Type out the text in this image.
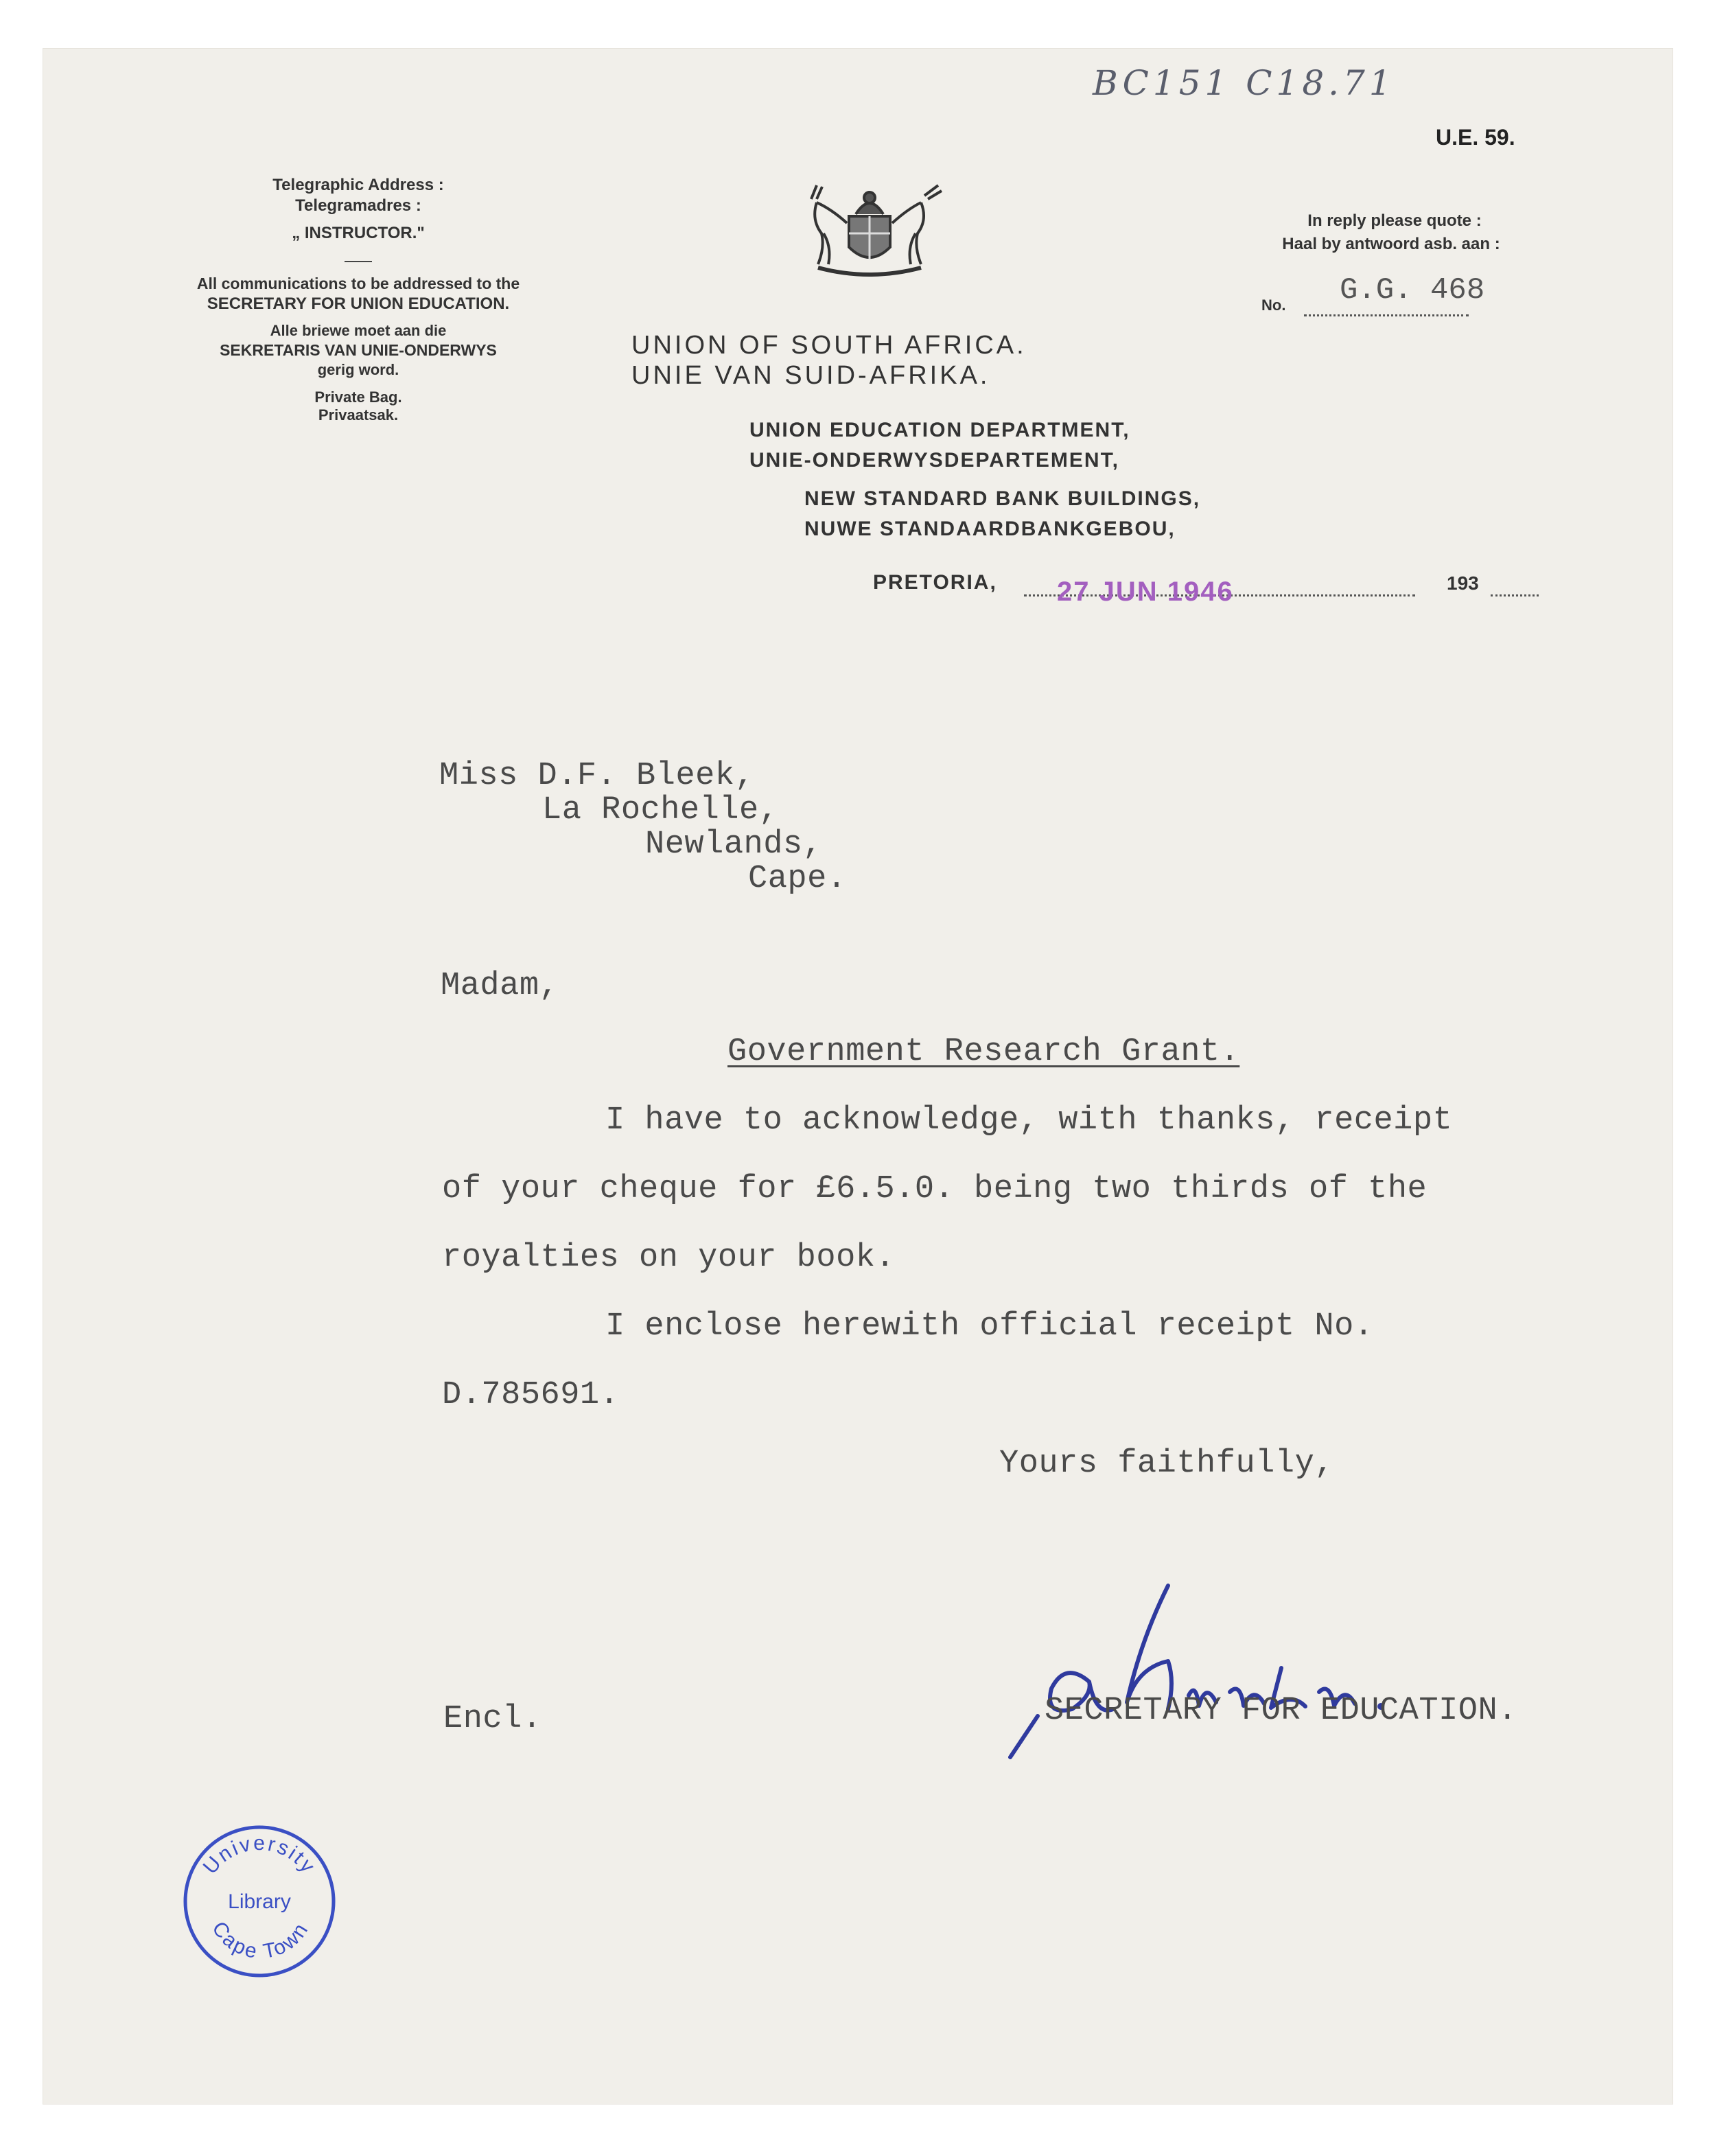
BC151 C18.71
U.E. 59.
Telegraphic Address :
Telegramadres :
„ INSTRUCTOR."
All communications to be addressed to the
SECRETARY FOR UNION EDUCATION.
Alle briewe moet aan die
SEKRETARIS VAN UNIE-ONDERWYS
gerig word.
Private Bag.
Privaatsak.
UNION OF SOUTH AFRICA.
UNIE VAN SUID-AFRIKA.
UNION EDUCATION DEPARTMENT,
UNIE-ONDERWYSDEPARTEMENT,
NEW STANDARD BANK BUILDINGS,
NUWE STANDAARDBANKGEBOU,
PRETORIA,	193
27 JUN 1946
In reply please quote :
Haal by antwoord asb. aan :
No. G.G. 468
Miss D.F. Bleek,
La Rochelle,
Newlands,
Cape.
Madam,
Government Research Grant.
I have to acknowledge, with thanks, receipt
of your cheque for £6.5.0. being two thirds of the
royalties on your book.
I enclose herewith official receipt No.
D.785691.
Yours faithfully,
SECRETARY FOR EDUCATION.
Encl.
University
Library
Cape Town
